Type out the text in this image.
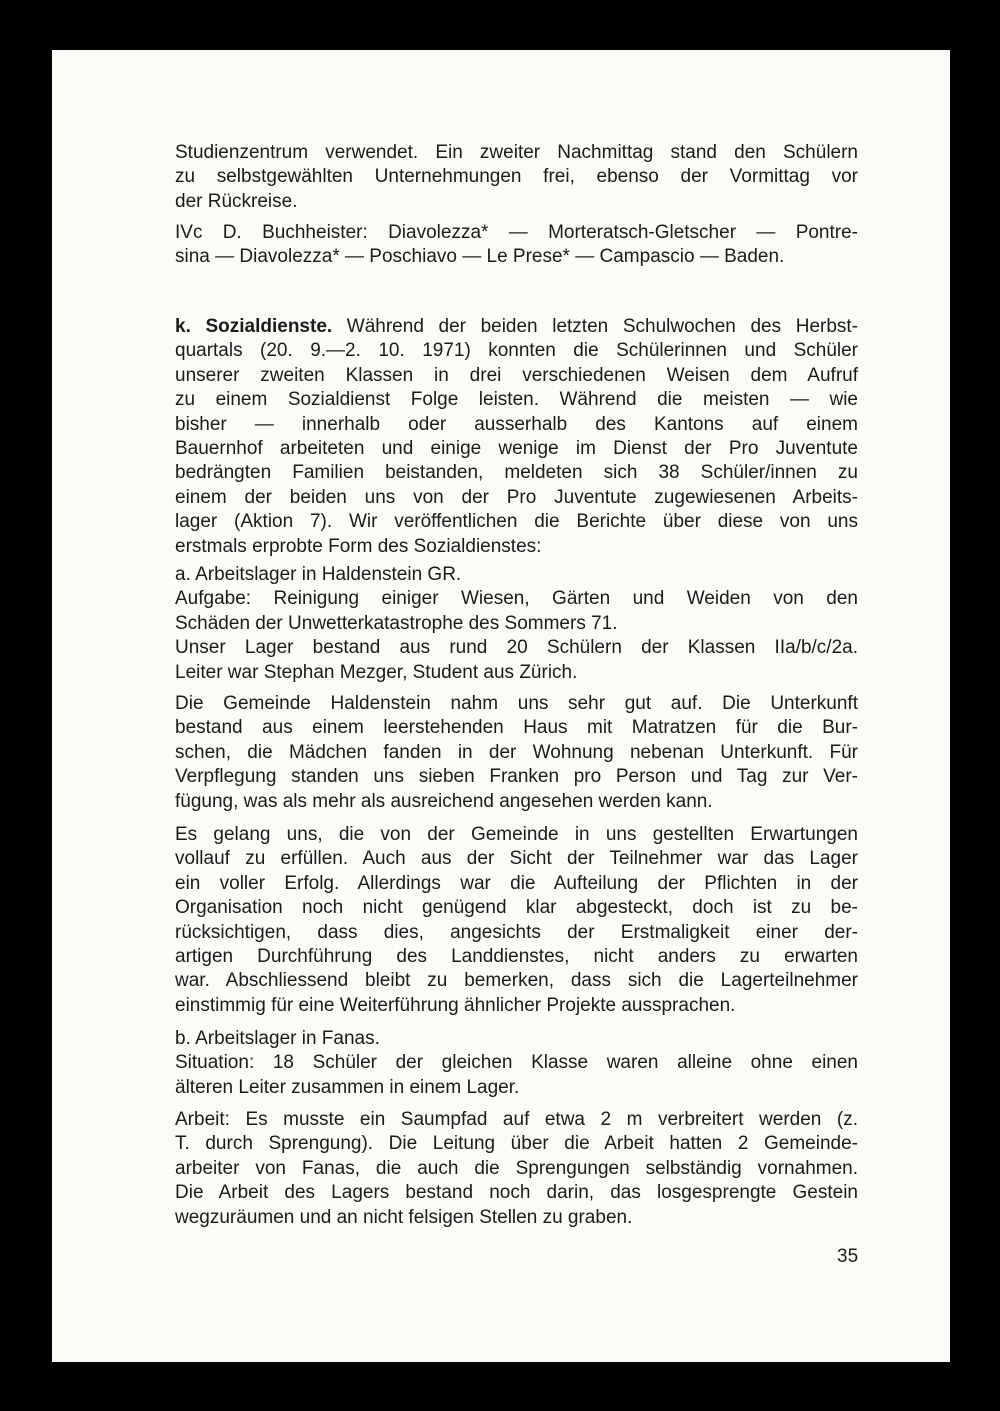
Studienzentrum verwendet. Ein zweiter Nachmittag stand den Schülern
zu selbstgewählten Unternehmungen frei, ebenso der Vormittag vor
der Rückreise.
IVc D. Buchheister: Diavolezza* — Morteratsch-Gletscher — Pontre-
sina — Diavolezza* — Poschiavo — Le Prese* — Campascio — Baden.
k. Sozialdienste. Während der beiden letzten Schulwochen des Herbst-
quartals (20. 9.—2. 10. 1971) konnten die Schülerinnen und Schüler
unserer zweiten Klassen in drei verschiedenen Weisen dem Aufruf
zu einem Sozialdienst Folge leisten. Während die meisten — wie
bisher — innerhalb oder ausserhalb des Kantons auf einem
Bauernhof arbeiteten und einige wenige im Dienst der Pro Juventute
bedrängten Familien beistanden, meldeten sich 38 Schüler/innen zu
einem der beiden uns von der Pro Juventute zugewiesenen Arbeits-
lager (Aktion 7). Wir veröffentlichen die Berichte über diese von uns
erstmals erprobte Form des Sozialdienstes:
a. Arbeitslager in Haldenstein GR.
Aufgabe: Reinigung einiger Wiesen, Gärten und Weiden von den
Schäden der Unwetterkatastrophe des Sommers 71.
Unser Lager bestand aus rund 20 Schülern der Klassen IIa/b/c/2a.
Leiter war Stephan Mezger, Student aus Zürich.
Die Gemeinde Haldenstein nahm uns sehr gut auf. Die Unterkunft
bestand aus einem leerstehenden Haus mit Matratzen für die Bur-
schen, die Mädchen fanden in der Wohnung nebenan Unterkunft. Für
Verpflegung standen uns sieben Franken pro Person und Tag zur Ver-
fügung, was als mehr als ausreichend angesehen werden kann.
Es gelang uns, die von der Gemeinde in uns gestellten Erwartungen
vollauf zu erfüllen. Auch aus der Sicht der Teilnehmer war das Lager
ein voller Erfolg. Allerdings war die Aufteilung der Pflichten in der
Organisation noch nicht genügend klar abgesteckt, doch ist zu be-
rücksichtigen, dass dies, angesichts der Erstmaligkeit einer der-
artigen Durchführung des Landdienstes, nicht anders zu erwarten
war. Abschliessend bleibt zu bemerken, dass sich die Lagerteilnehmer
einstimmig für eine Weiterführung ähnlicher Projekte aussprachen.
b. Arbeitslager in Fanas.
Situation: 18 Schüler der gleichen Klasse waren alleine ohne einen
älteren Leiter zusammen in einem Lager.
Arbeit: Es musste ein Saumpfad auf etwa 2 m verbreitert werden (z.
T. durch Sprengung). Die Leitung über die Arbeit hatten 2 Gemeinde-
arbeiter von Fanas, die auch die Sprengungen selbständig vornahmen.
Die Arbeit des Lagers bestand noch darin, das losgesprengte Gestein
wegzuräumen und an nicht felsigen Stellen zu graben.
35
